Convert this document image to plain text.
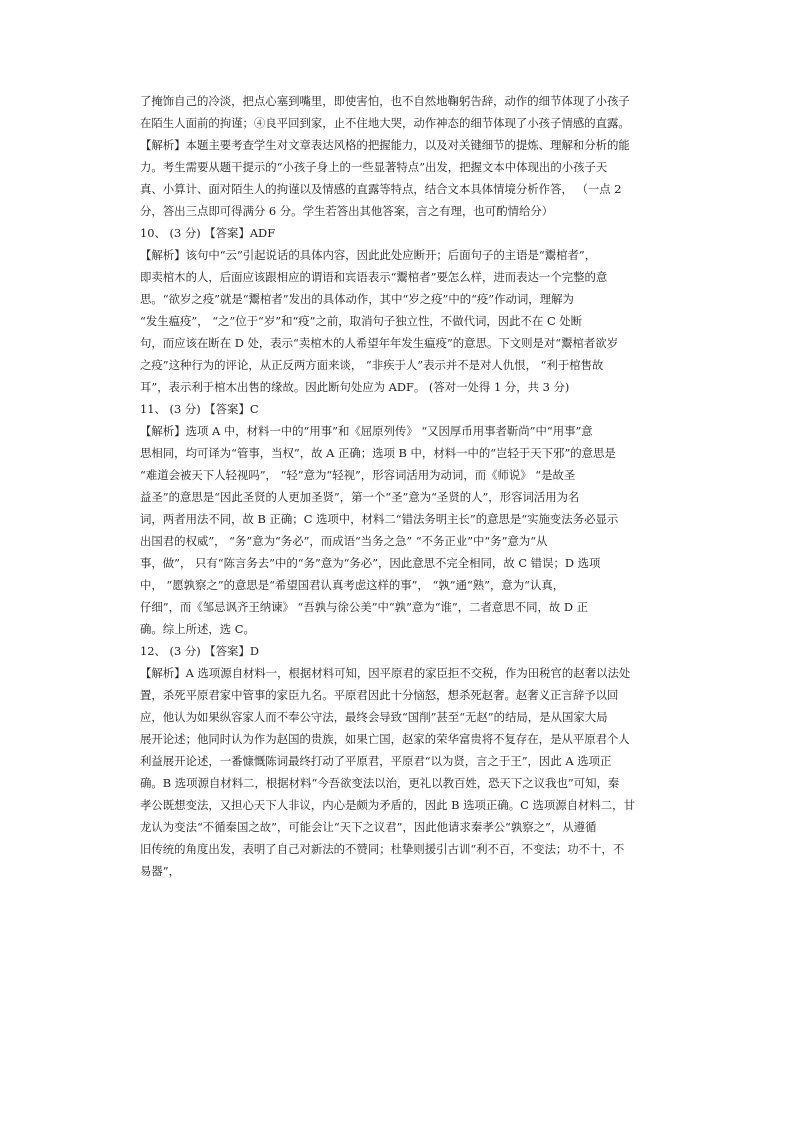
了掩饰自己的冷淡，把点心塞到嘴里，即使害怕，也不自然地鞠躬告辞，动作的细节体现了小孩子
在陌生人面前的拘谨；④良平回到家，止不住地大哭，动作神态的细节体现了小孩子情感的直露。
【解析】本题主要考查学生对文章表达风格的把握能力，以及对关键细节的提炼、理解和分析的能
力。考生需要从题干提示的“小孩子身上的一些显著特点”出发，把握文本中体现出的小孩子天
真、小算计、面对陌生人的拘谨以及情感的直露等特点，结合文本具体情境分析作答， （一点 2
分，答出三点即可得满分 6 分。学生若答出其他答案，言之有理，也可酌情给分）
10、 (3 分) 【答案】ADF
【解析】该句中“云”引起说话的具体内容，因此此处应断开；后面句子的主语是“鬻棺者”，
即卖棺木的人，后面应该跟相应的谓语和宾语表示“鬻棺者”要怎么样，进而表达一个完整的意
思。“欲岁之疫”就是“鬻棺者”发出的具体动作，其中“岁之疫”中的“疫”作动词，理解为
“发生瘟疫”， “之”位于“岁”和“疫”之前，取消句子独立性，不做代词，因此不在 C 处断
句，而应该在断在 D 处，表示“卖棺木的人希望年年发生瘟疫”的意思。下文则是对“鬻棺者欲岁
之疫”这种行为的评论，从正反两方面来谈， “非疾于人”表示并不是对人仇恨， “利于棺售故
耳”，表示利于棺木出售的缘故。因此断句处应为 ADF。 (答对一处得 1 分，共 3 分)
11、 (3 分) 【答案】C
【解析】选项 A 中，材料一中的“用事”和《屈原列传》 “又因厚币用事者靳尚”中“用事”意
思相同，均可译为“管事，当权”，故 A 正确；选项 B 中，材料一中的“岂轻于天下邪”的意思是
“难道会被天下人轻视吗”， “轻”意为“轻视”，形容词活用为动词，而《师说》 “是故圣
益圣”的意思是“因此圣贤的人更加圣贤”，第一个“圣”意为“圣贤的人”，形容词活用为名
词，两者用法不同，故 B 正确；C 选项中，材料二“错法务明主长”的意思是“实施变法务必显示
出国君的权威”， “务”意为“务必”，而成语“当务之急” “不务正业”中“务”意为“从
事，做”， 只有“陈言务去”中的“务”意为“务必”，因此意思不完全相同，故 C 错误；D 选项
中， “愿孰察之”的意思是“希望国君认真考虑这样的事”， “孰”通“熟”，意为“认真，
仔细”，而《邹忌讽齐王纳谏》 “吾孰与徐公美”中“孰”意为“谁”，二者意思不同，故 D 正
确。综上所述，选 C。
12、 (3 分) 【答案】D
【解析】A 选项源自材料一，根据材料可知，因平原君的家臣拒不交税，作为田税官的赵奢以法处
置，杀死平原君家中管事的家臣九名。平原君因此十分恼怒，想杀死赵奢。赵奢义正言辞予以回
应，他认为如果纵容家人而不奉公守法，最终会导致“国削”甚至“无赵”的结局，是从国家大局
展开论述；他同时认为作为赵国的贵族，如果亡国，赵家的荣华富贵将不复存在，是从平原君个人
利益展开论述，一番慷慨陈词最终打动了平原君，平原君“以为贤，言之于王”，因此 A 选项正
确。B 选项源自材料二，根据材料“今吾欲变法以治，更礼以教百姓，恐天下之议我也”可知，秦
孝公既想变法，又担心天下人非议，内心是颇为矛盾的，因此 B 选项正确。C 选项源自材料二，甘
龙认为变法“不循秦国之故”，可能会让“天下之议君”，因此他请求秦孝公“孰察之”，从遵循
旧传统的角度出发，表明了自己对新法的不赞同；杜挚则援引古训“利不百，不变法；功不十，不
易器”，
